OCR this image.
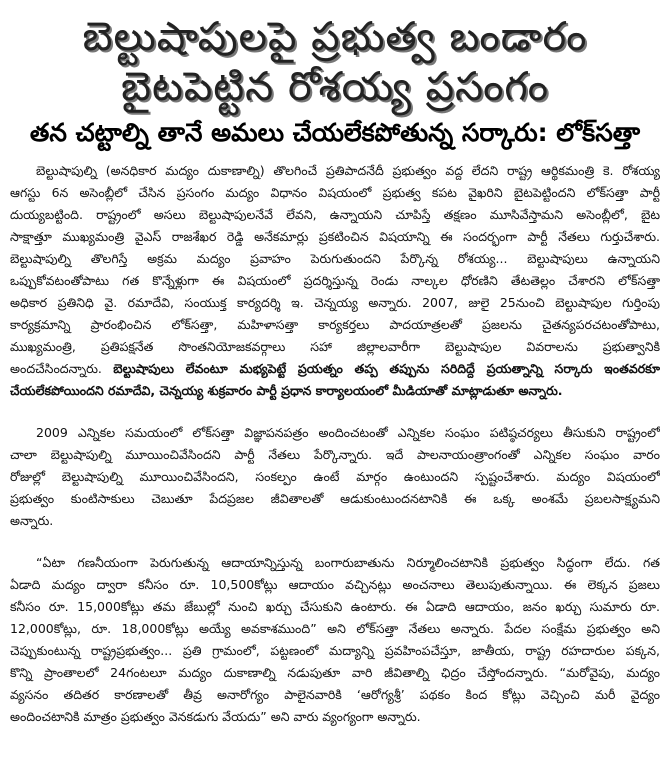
బెల్టుషాపులపై ప్రభుత్వ బండారం
బైటపెట్టిన రోశయ్య ప్రసంగం
తన చట్టాల్ని తానే అమలు చేయలేకపోతున్న సర్కారు: లోక్‌సత్తా
బెల్టుషాపుల్ని (అనధికార మద్యం దుకాణాల్ని) తొలగించే ప్రతిపాదనేదీ ప్రభుత్వం వద్ద లేదని రాష్ట్ర ఆర్థికమంత్రి కె. రోశయ్య
ఆగస్టు 6న అసెంబ్లీలో చేసిన ప్రసంగం మద్యం విధానం విషయంలో ప్రభుత్వ కపట వైఖరిని బైటపెట్టిందని లోక్‌సత్తా పార్టీ
దుయ్యబట్టింది. రాష్ట్రంలో అసలు బెల్టుషాపులనేవే లేవని, ఉన్నాయని చూపిస్తే తక్షణం మూసివేస్తామని అసెంబ్లీలో, బైట
సాక్షాత్తూ ముఖ్యమంత్రి వైఎస్ రాజశేఖర రెడ్డి అనేకమార్లు ప్రకటించిన విషయాన్ని ఈ సందర్భంగా పార్టీ నేతలు గుర్తుచేశారు.
బెల్టుషాపుల్ని తొలగిస్తే అక్రమ మద్యం ప్రవాహం పెరుగుతుందని పేర్కొన్న రోశయ్య... బెల్టుషాపులు ఉన్నాయని
ఒప్పుకోవటంతోపాటు గత కొన్నేళ్లుగా ఈ విషయంలో ప్రదర్శిస్తున్న రెండు నాల్కల ధోరణిని తేటతెల్లం చేశారని లోక్‌సత్తా
అధికార ప్రతినిధి వై. రమాదేవి, సంయుక్త కార్యదర్శి ఇ. చెన్నయ్య అన్నారు. 2007, జులై 25నుంచి బెల్టుషాపుల గుర్తింపు
కార్యక్రమాన్ని ప్రారంభించిన లోక్‌సత్తా, మహిళాసత్తా కార్యకర్తలు పాదయాత్రలతో ప్రజలను చైతన్యపరచటంతోపాటు,
ముఖ్యమంత్రి, ప్రతిపక్షనేత సొంతనియోజకవర్గాలు సహా జిల్లాలవారీగా బెల్టుషాపుల వివరాలను ప్రభుత్వానికి
అందచేసిందన్నారు. బెల్టుషాపులు లేవంటూ మభ్యపెట్టే ప్రయత్నం తప్ప తప్పును సరిదిద్దే ప్రయత్నాన్ని సర్కారు ఇంతవరకూ
చేయలేకపోయిందని రమాదేవి, చెన్నయ్య శుక్రవారం పార్టీ ప్రధాన కార్యాలయంలో మీడియాతో మాట్లాడుతూ అన్నారు.
2009 ఎన్నికల సమయంలో లోక్‌సత్తా విజ్ఞాపనపత్రం అందించటంతో ఎన్నికల సంఘం పటిష్ఠచర్యలు తీసుకుని రాష్ట్రంలో
చాలా బెల్టుషాపుల్ని మూయించివేసిందని పార్టీ నేతలు పేర్కొన్నారు. ఇదే పాలనాయంత్రాంగంతో ఎన్నికల సంఘం వారం
రోజుల్లో బెల్టుషాపుల్ని మూయించివేసిందని, సంకల్పం ఉంటే మార్గం ఉంటుందని స్పష్టంచేశారు. మద్యం విషయంలో
ప్రభుత్వం కుంటిసాకులు చెబుతూ పేదప్రజల జీవితాలతో ఆడుకుంటుందనటానికి ఈ ఒక్క అంశమే ప్రబలసాక్ష్యమని
అన్నారు.
“ఏటా గణనీయంగా పెరుగుతున్న ఆదాయాన్నిస్తున్న బంగారుబాతును నిర్మూలించటానికి ప్రభుత్వం సిద్ధంగా లేదు. గత
ఏడాది మద్యం ద్వారా కనీసం రూ. 10,500కోట్లు ఆదాయం వచ్చినట్లు అంచనాలు తెలుపుతున్నాయి. ఈ లెక్కన ప్రజలు
కనీసం రూ. 15,000కోట్లు తమ జేబుల్లో నుంచి ఖర్చు చేసుకుని ఉంటారు. ఈ ఏడాది ఆదాయం, జనం ఖర్చు సుమారు రూ.
12,000కోట్లు, రూ. 18,000కోట్లు అయ్యే అవకాశముంది” అని లోక్‌సత్తా నేతలు అన్నారు. పేదల సంక్షేమ ప్రభుత్వం అని
చెప్పుకుంటున్న రాష్ట్రప్రభుత్వం... ప్రతి గ్రామంలో, పట్టణంలో మద్యాన్ని ప్రవహింపచేస్తూ, జాతీయ, రాష్ట్ర రహదారుల పక్కన,
కొన్ని ప్రాంతాలలో 24గంటలూ మద్యం దుకాణాల్ని నడుపుతూ వారి జీవితాల్ని ఛిద్రం చేస్తోందన్నారు. “మరోవైపు, మద్యం
వ్యసనం తదితర కారణాలతో తీవ్ర అనారోగ్యం పాలైనవారికి ‘ఆరోగ్యశ్రీ’ పథకం కింద కోట్లు వెచ్చించి మరీ వైద్యం
అందించటానికి మాత్రం ప్రభుత్వం వెనకడుగు వేయదు” అని వారు వ్యంగ్యంగా అన్నారు.
